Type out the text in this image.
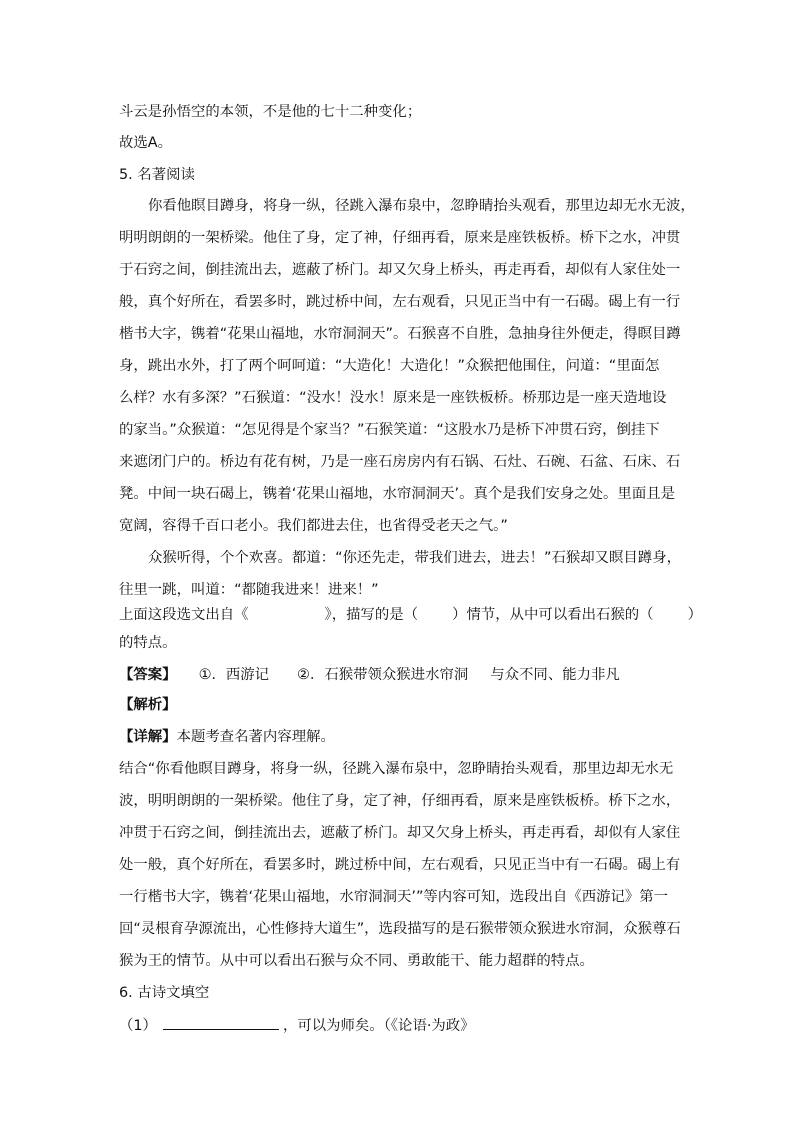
斗云是孙悟空的本领，不是他的七十二种变化；
故选A。
5. 名著阅读
你看他瞑目蹲身，将身一纵，径跳入瀑布泉中，忽睁睛抬头观看，那里边却无水无波，
明明朗朗的一架桥梁。他住了身，定了神，仔细再看，原来是座铁板桥。桥下之水，冲贯
于石窍之间，倒挂流出去，遮蔽了桥门。却又欠身上桥头，再走再看，却似有人家住处一
般，真个好所在，看罢多时，跳过桥中间，左右观看，只见正当中有一石碣。碣上有一行
楷书大字，镌着“花果山福地，水帘洞洞天”。石猴喜不自胜，急抽身往外便走，得瞑目蹲
身，跳出水外，打了两个呵呵道：“大造化！大造化！”众猴把他围住，问道：“里面怎
么样？水有多深？”石猴道：“没水！没水！原来是一座铁板桥。桥那边是一座天造地设
的家当。”众猴道：“怎见得是个家当？”石猴笑道：“这股水乃是桥下冲贯石窍，倒挂下
来遮闭门户的。桥边有花有树，乃是一座石房房内有石锅、石灶、石碗、石盆、石床、石
凳。中间一块石碣上，镌着‘花果山福地，水帘洞洞天’。真个是我们安身之处。里面且是
宽阔，容得千百口老小。我们都进去住，也省得受老天之气。”
众猴听得，个个欢喜。都道：“你还先走，带我们进去，进去！”石猴却又瞑目蹲身，
往里一跳，叫道：“都随我进来！进来！”
上面这段选文出自《	》，描写的是（ ）情节，从中可以看出石猴的（ ）
的特点。
【答案】 ①．西游记 ②．石猴带领众猴进水帘洞 与众不同、能力非凡
【解析】
【详解】本题考查名著内容理解。
结合“你看他瞑目蹲身，将身一纵，径跳入瀑布泉中，忽睁睛抬头观看，那里边却无水无
波，明明朗朗的一架桥梁。他住了身，定了神，仔细再看，原来是座铁板桥。桥下之水，
冲贯于石窍之间，倒挂流出去，遮蔽了桥门。却又欠身上桥头，再走再看，却似有人家住
处一般，真个好所在，看罢多时，跳过桥中间，左右观看，只见正当中有一石碣。碣上有
一行楷书大字，镌着‘花果山福地，水帘洞洞天’”等内容可知，选段出自《西游记》第一
回“灵根育孕源流出，心性修持大道生”，选段描写的是石猴带领众猴进水帘洞，众猴尊石
猴为王的情节。从中可以看出石猴与众不同、勇敢能干、能力超群的特点。
6. 古诗文填空
（1）	，可以为师矣。（《论语·为政》
